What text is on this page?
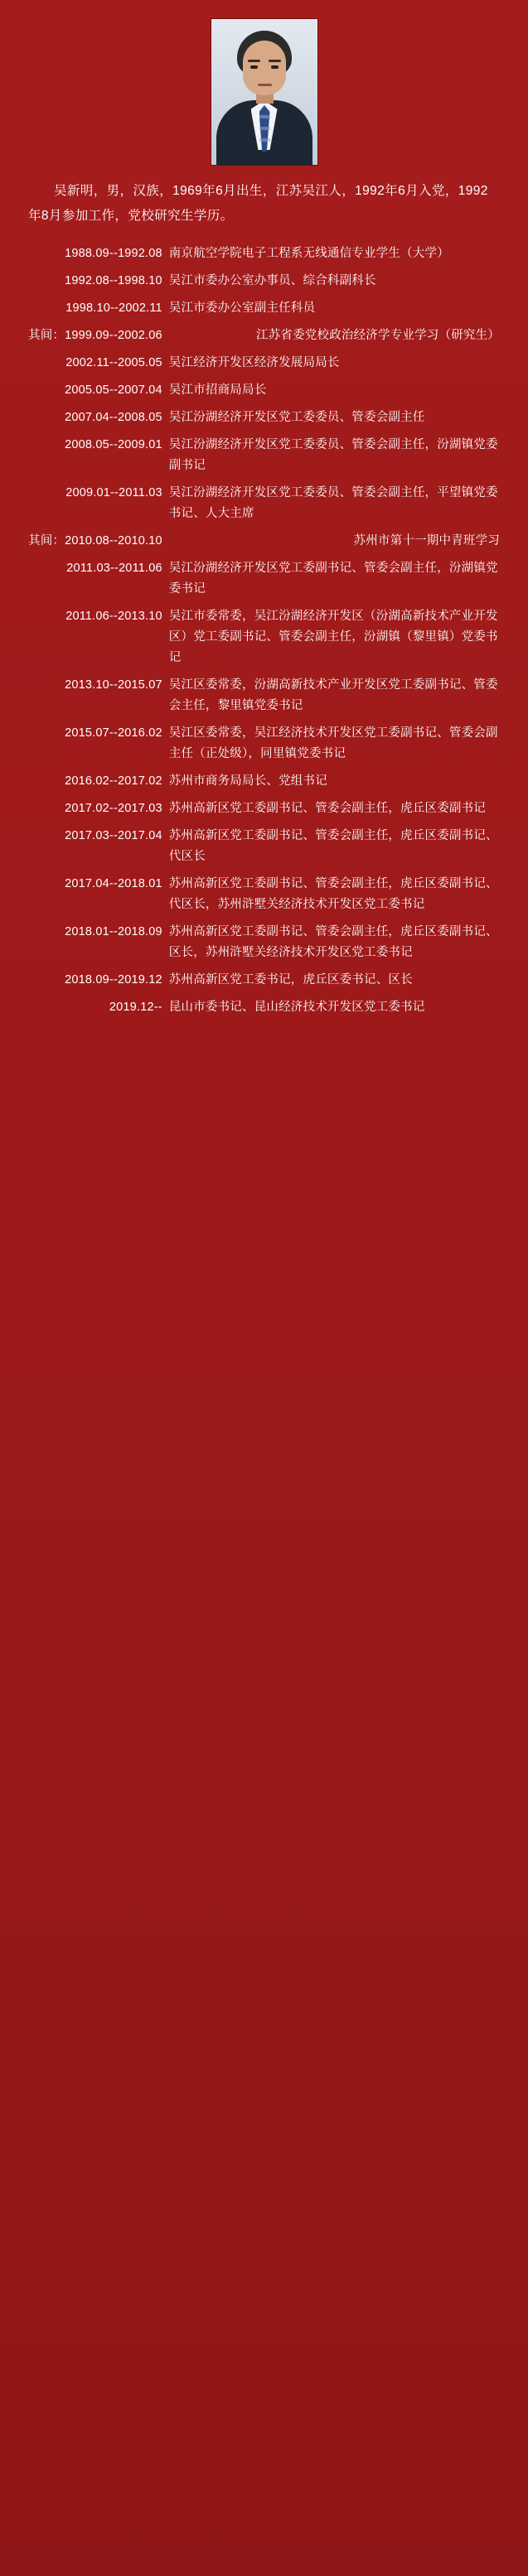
吴新明，男，汉族，1969年6月出生，江苏吴江人，1992年6月入党，1992年8月参加工作，党校研究生学历。

1988.09--1992.08	南京航空学院电子工程系无线通信专业学生（大学）
1992.08--1998.10	吴江市委办公室办事员、综合科副科长
1998.10--2002.11	吴江市委办公室副主任科员
其间：1999.09--2002.06	江苏省委党校政治经济学专业学习（研究生）
2002.11--2005.05	吴江经济开发区经济发展局局长
2005.05--2007.04	吴江市招商局局长
2007.04--2008.05	吴江汾湖经济开发区党工委委员、管委会副主任
2008.05--2009.01	吴江汾湖经济开发区党工委委员、管委会副主任，汾湖镇党委副书记
2009.01--2011.03	吴江汾湖经济开发区党工委委员、管委会副主任，平望镇党委书记、人大主席
其间：2010.08--2010.10	苏州市第十一期中青班学习
2011.03--2011.06	吴江汾湖经济开发区党工委副书记、管委会副主任，汾湖镇党委书记
2011.06--2013.10	吴江市委常委，吴江汾湖经济开发区（汾湖高新技术产业开发区）党工委副书记、管委会副主任，汾湖镇（黎里镇）党委书记
2013.10--2015.07	吴江区委常委，汾湖高新技术产业开发区党工委副书记、管委会主任，黎里镇党委书记
2015.07--2016.02	吴江区委常委，吴江经济技术开发区党工委副书记、管委会副主任（正处级），同里镇党委书记
2016.02--2017.02	苏州市商务局局长、党组书记
2017.02--2017.03	苏州高新区党工委副书记、管委会副主任，虎丘区委副书记
2017.03--2017.04	苏州高新区党工委副书记、管委会副主任，虎丘区委副书记、代区长
2017.04--2018.01	苏州高新区党工委副书记、管委会副主任，虎丘区委副书记、代区长，苏州浒墅关经济技术开发区党工委书记
2018.01--2018.09	苏州高新区党工委副书记、管委会副主任，虎丘区委副书记、区长，苏州浒墅关经济技术开发区党工委书记
2018.09--2019.12	苏州高新区党工委书记，虎丘区委书记、区长
2019.12--	昆山市委书记、昆山经济技术开发区党工委书记
